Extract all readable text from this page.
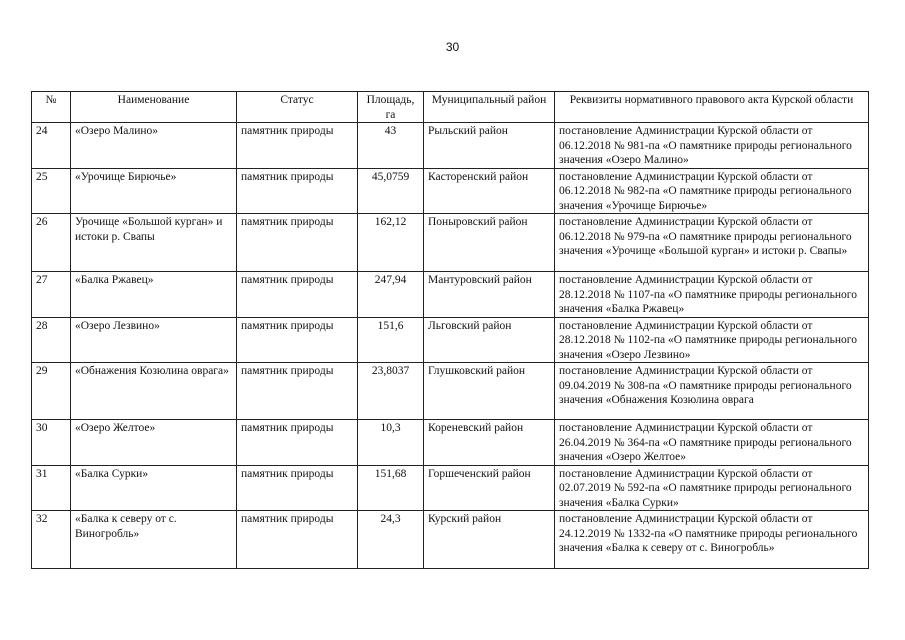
30
№	Наименование	Статус	Площадь, га	Муниципальный район	Реквизиты нормативного правового акта Курской области
24	«Озеро Малино»	памятник природы	43	Рыльский район	постановление Администрации Курской области от 06.12.2018 № 981-па «О памятникe природы регионального значения «Озеро Малино»
25	«Урочище Бирючье»	памятник природы	45,0759	Касторенский район	постановление Администрации Курской области от 06.12.2018 № 982-па «О памятнике природы регионального значения «Урочище Бирючье»
26	Урочище «Большой курган» и истоки р. Свапы	памятник природы	162,12	Поныровский район	постановление Администрации Курской области от 06.12.2018 № 979-па «О памятнике природы регионального значения «Урочище «Большой курган» и истоки р. Свапы»
27	«Балка Ржавец»	памятник природы	247,94	Мантуровский район	постановление Администрации Курской области от 28.12.2018 № 1107-па «О памятнике природы регионального значения «Балка Ржавец»
28	«Озеро Лезвино»	памятник природы	151,6	Льговский район	постановление Администрации Курской области от 28.12.2018 № 1102-па «О памятнике природы регионального значения «Озеро Лезвино»
29	«Обнажения Козюлина оврага»	памятник природы	23,8037	Глушковский район	постановление Администрации Курской области от 09.04.2019 № 308-па «О памятнике природы регионального значения «Обнажения Козюлина оврага
30	«Озеро Желтое»	памятник природы	10,3	Кореневский район	постановление Администрации Курской области от 26.04.2019 № 364-па «О памятнике природы регионального значения «Озеро Желтое»
31	«Балка Сурки»	памятник природы	151,68	Горшеченский район	постановление Администрации Курской области от 02.07.2019 № 592-па «О памятнике природы регионального значения «Балка Сурки»
32	«Балка к северу от с. Виногробль»	памятник природы	24,3	Курский район	постановление Администрации Курской области от 24.12.2019 № 1332-па «О памятнике природы регионального значения «Балка к северу от с. Виногробль»
